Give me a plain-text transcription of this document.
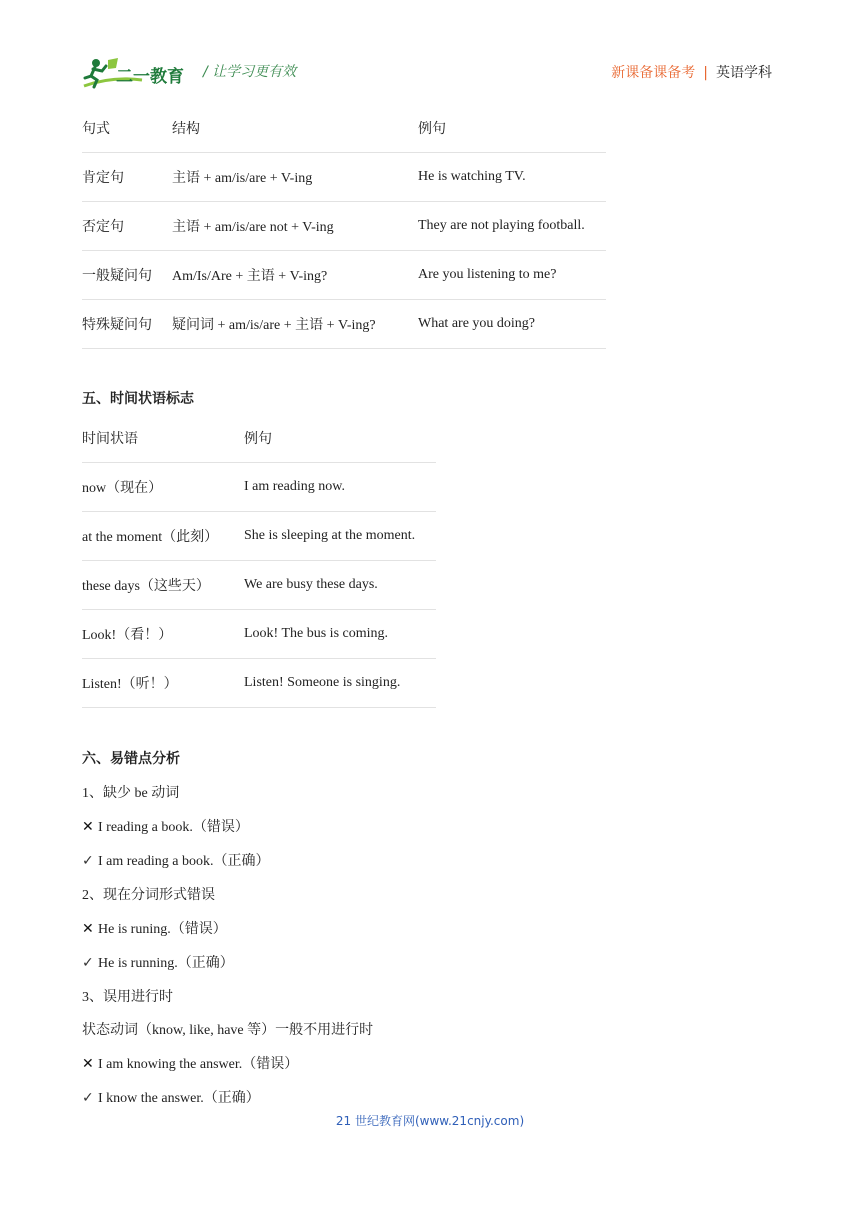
二一教育 / 让学习更有效	新课备课备考 | 英语学科
句式	结构	例句
肯定句	主语 + am/is/are + V-ing	He is watching TV.
否定句	主语 + am/is/are not + V-ing	They are not playing football.
一般疑问句	Am/Is/Are + 主语 + V-ing?	Are you listening to me?
特殊疑问句	疑问词 + am/is/are + 主语 + V-ing?	What are you doing?
五、时间状语标志
时间状语	例句
now（现在）	I am reading now.
at the moment（此刻）	She is sleeping at the moment.
these days（这些天）	We are busy these days.
Look!（看！）	Look! The bus is coming.
Listen!（听！）	Listen! Someone is singing.
六、易错点分析
1、缺少 be 动词
✕ I reading a book.（错误）
✓ I am reading a book.（正确）
2、现在分词形式错误
✕ He is runing.（错误）
✓ He is running.（正确）
3、误用进行时
状态动词（know, like, have 等）一般不用进行时
✕ I am knowing the answer.（错误）
✓ I know the answer.（正确）
21 世纪教育网(www.21cnjy.com)
